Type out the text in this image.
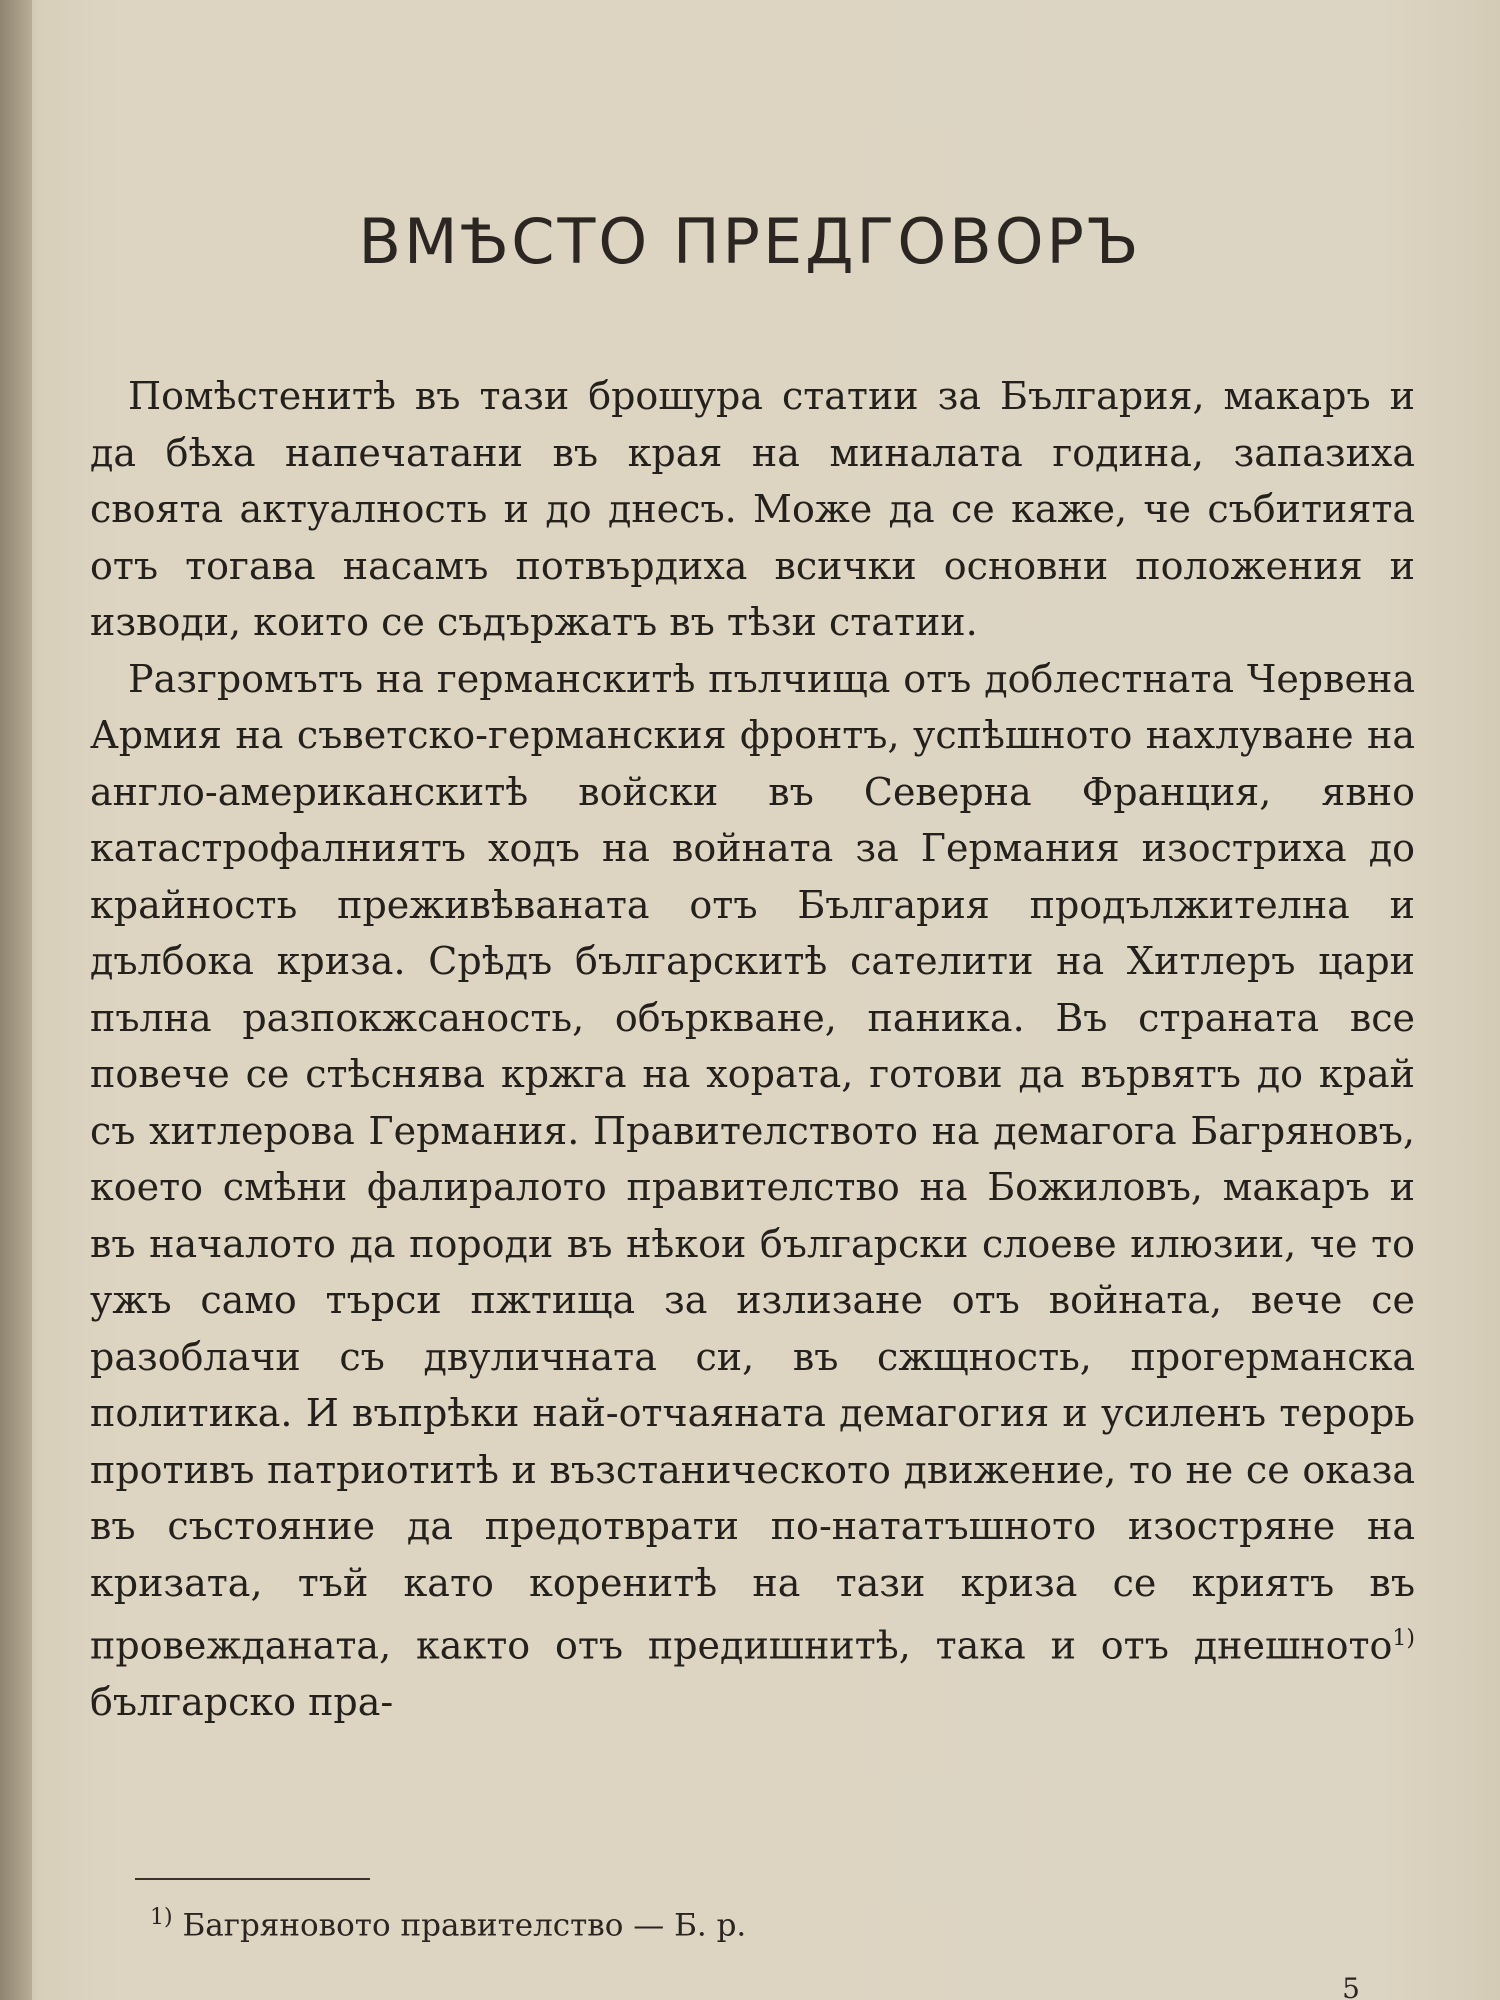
ВМѢСТО ПРЕДГОВОРЪ

Помѣстенитѣ въ тази брошура статии за България, макаръ и да бѣха напечатани въ края на миналата година, запазиха своята актуалность и до днесъ. Може да се каже, че събитията отъ тогава насамъ потвърдиха всички основни положения и изводи, които се съдържатъ въ тѣзи статии.

Разгромътъ на германскитѣ пълчища отъ доблестната Червена Армия на съветско-германския фронтъ, успѣшното нахлуване на англо-американскитѣ войски въ Северна Франция, явно катастрофалниятъ ходъ на войната за Германия изостриха до крайность преживѣваната отъ България продължителна и дълбока криза. Срѣдъ българскитѣ сателити на Хитлеръ цари пълна разпокжсаность, объркване, паника. Въ страната все повече се стѣснява кржга на хората, готови да вървятъ до край съ хитлерова Германия. Правителството на демагога Багряновъ, което смѣни фалиралото правителство на Божиловъ, макаръ и въ началото да породи въ нѣкои български слоеве илюзии, че то ужъ само търси пжтища за излизане отъ войната, вече се разоблачи съ двуличната си, въ сжщность, прогерманска политика. И въпрѣки най-отчаяната демагогия и усиленъ терорь противъ патриотитѣ и възстаническото движение, то не се оказа въ състояние да предотврати по-нататъшното изостряне на кризата, тъй като коренитѣ на тази криза се криятъ въ провежданата, както отъ предишнитѣ, така и отъ днешното$^{1)}$ българско пра-

$^{1)}$ Багряновото правителство — Б. р.
5
